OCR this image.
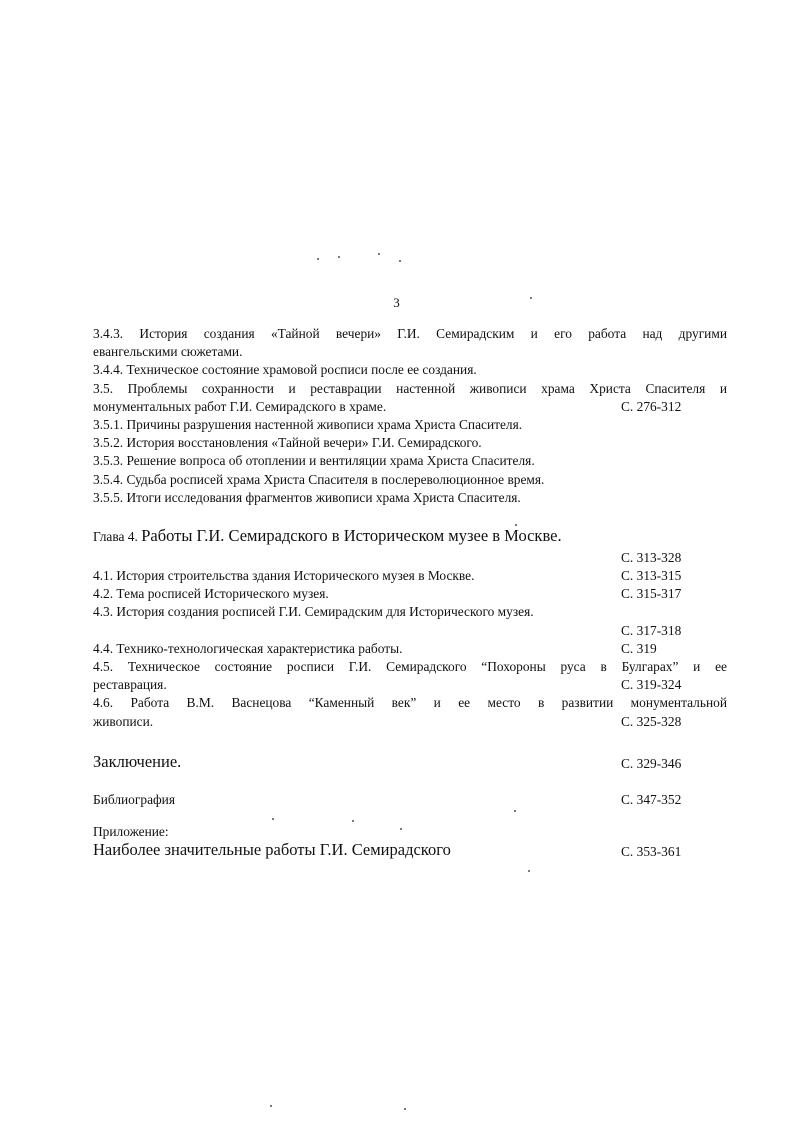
3
3.4.3. История создания «Тайной вечери» Г.И. Семирадским и его работа над другими
евангельскими сюжетами.
3.4.4. Техническое состояние храмовой росписи после ее создания.
3.5. Проблемы сохранности и реставрации настенной живописи храма Христа Спасителя и
монументальных работ Г.И. Семирадского в храме.	С. 276-312
3.5.1. Причины разрушения настенной живописи храма Христа Спасителя.
3.5.2. История восстановления «Тайной вечери» Г.И. Семирадского.
3.5.3. Решение вопроса об отоплении и вентиляции храма Христа Спасителя.
3.5.4. Судьба росписей храма Христа Спасителя в послереволюционное время.
3.5.5. Итоги исследования фрагментов живописи храма Христа Спасителя.
Глава 4. Работы Г.И. Семирадского в Историческом музее в Москве.
С. 313-328
4.1. История строительства здания Исторического музея в Москве.	С. 313-315
4.2. Тема росписей Исторического музея.	С. 315-317
4.3. История создания росписей Г.И. Семирадским для Исторического музея.
С. 317-318
4.4. Технико-технологическая характеристика работы.	С. 319
4.5. Техническое состояние росписи Г.И. Семирадского “Похороны руса в Булгарах” и ее
реставрация.	С. 319-324
4.6. Работа В.М. Васнецова “Каменный век” и ее место в развитии монументальной
живописи.	С. 325-328
Заключение.	С. 329-346
Библиография	С. 347-352
Приложение:
Наиболее значительные работы Г.И. Семирадского	С. 353-361
